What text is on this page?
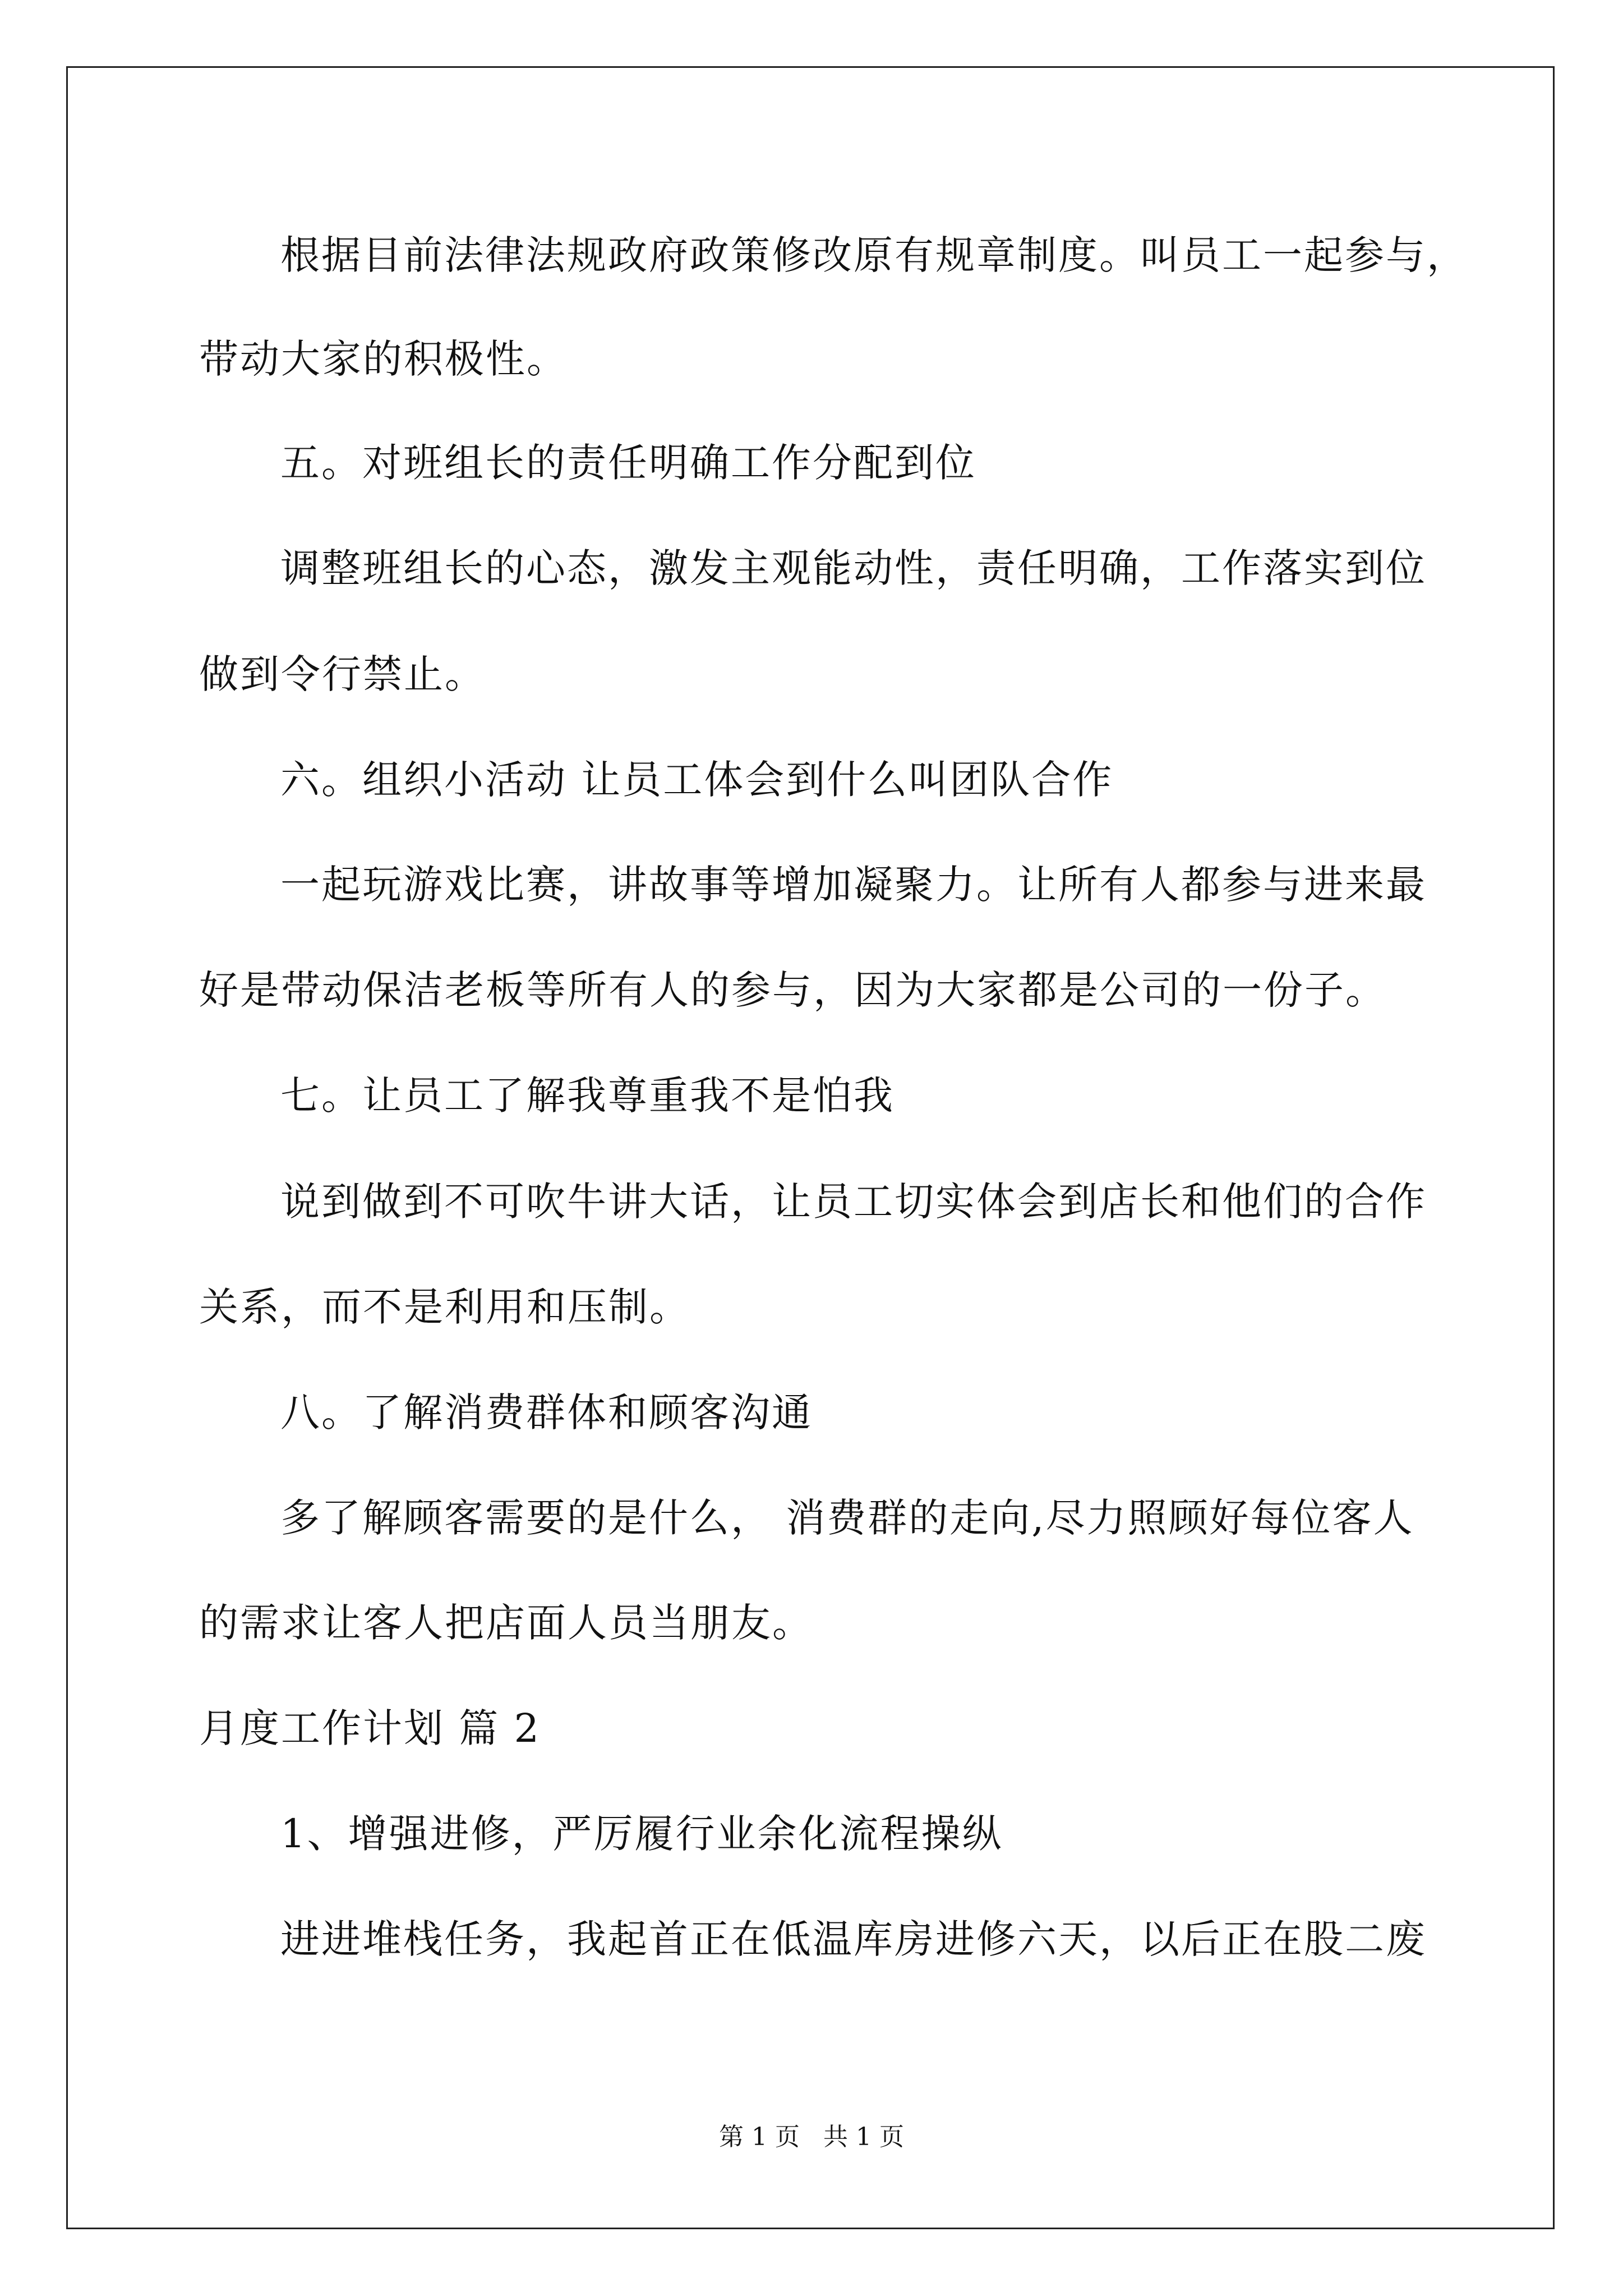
根据目前法律法规政府政策修改原有规章制度。叫员工一起参与，
带动大家的积极性。
五。对班组长的责任明确工作分配到位
调整班组长的心态，激发主观能动性，责任明确，工作落实到位
做到令行禁止。
六。组织小活动 让员工体会到什么叫团队合作
一起玩游戏比赛，讲故事等增加凝聚力。让所有人都参与进来最
好是带动保洁老板等所有人的参与，因为大家都是公司的一份子。
七。让员工了解我尊重我不是怕我
说到做到不可吹牛讲大话，让员工切实体会到店长和他们的合作
关系，而不是利用和压制。
八。了解消费群体和顾客沟通
多了解顾客需要的是什么， 消费群的走向,尽力照顾好每位客人
的需求让客人把店面人员当朋友。
月度工作计划 篇 2
1、增强进修，严厉履行业余化流程操纵
进进堆栈任务，我起首正在低温库房进修六天，以后正在股二废
第 1 页   共 1 页
